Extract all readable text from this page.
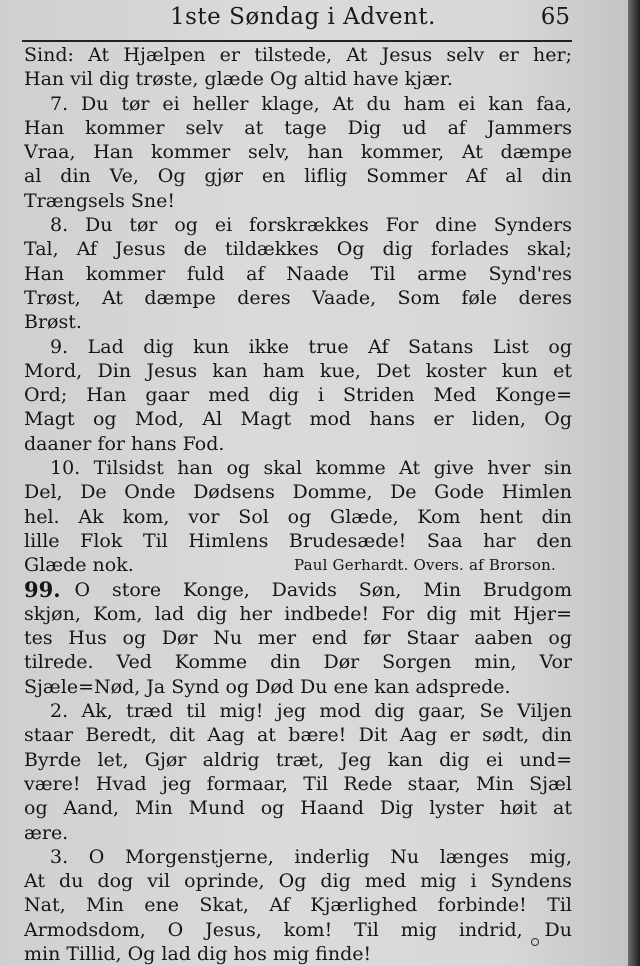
1ste Søndag i Advent.	65
Sind: At Hjælpen er tilstede, At Jesus selv er her;
Han vil dig trøste, glæde Og altid have kjær.
7. Du tør ei heller klage, At du ham ei kan faa,
Han kommer selv at tage Dig ud af Jammers
Vraa, Han kommer selv, han kommer, At dæmpe
al din Ve, Og gjør en liflig Sommer Af al din
Trængsels Sne!
8. Du tør og ei forskrækkes For dine Synders
Tal, Af Jesus de tildækkes Og dig forlades skal;
Han kommer fuld af Naade Til arme Synd'res
Trøst, At dæmpe deres Vaade, Som føle deres
Brøst.
9. Lad dig kun ikke true Af Satans List og
Mord, Din Jesus kan ham kue, Det koster kun et
Ord; Han gaar med dig i Striden Med Konge=
Magt og Mod, Al Magt mod hans er liden, Og
daaner for hans Fod.
10. Tilsidst han og skal komme At give hver sin
Del, De Onde Dødsens Domme, De Gode Himlen
hel. Ak kom, vor Sol og Glæde, Kom hent din
lille Flok Til Himlens Brudesæde! Saa har den
Glæde nok.	Paul Gerhardt. Overs. af Brorson.
99. O store Konge, Davids Søn, Min Brudgom
skjøn, Kom, lad dig her indbede! For dig mit Hjer=
tes Hus og Dør Nu mer end før Staar aaben og
tilrede. Ved Komme din Dør Sorgen min, Vor
Sjæle=Nød, Ja Synd og Død Du ene kan adsprede.
2. Ak, træd til mig! jeg mod dig gaar, Se Viljen
staar Beredt, dit Aag at bære! Dit Aag er sødt, din
Byrde let, Gjør aldrig træt, Jeg kan dig ei und=
være! Hvad jeg formaar, Til Rede staar, Min Sjæl
og Aand, Min Mund og Haand Dig lyster høit at
ære.
3. O Morgenstjerne, inderlig Nu længes mig,
At du dog vil oprinde, Og dig med mig i Syndens
Nat, Min ene Skat, Af Kjærlighed forbinde! Til
Armodsdom, O Jesus, kom! Til mig indrid, Du
min Tillid, Og lad dig hos mig finde!
